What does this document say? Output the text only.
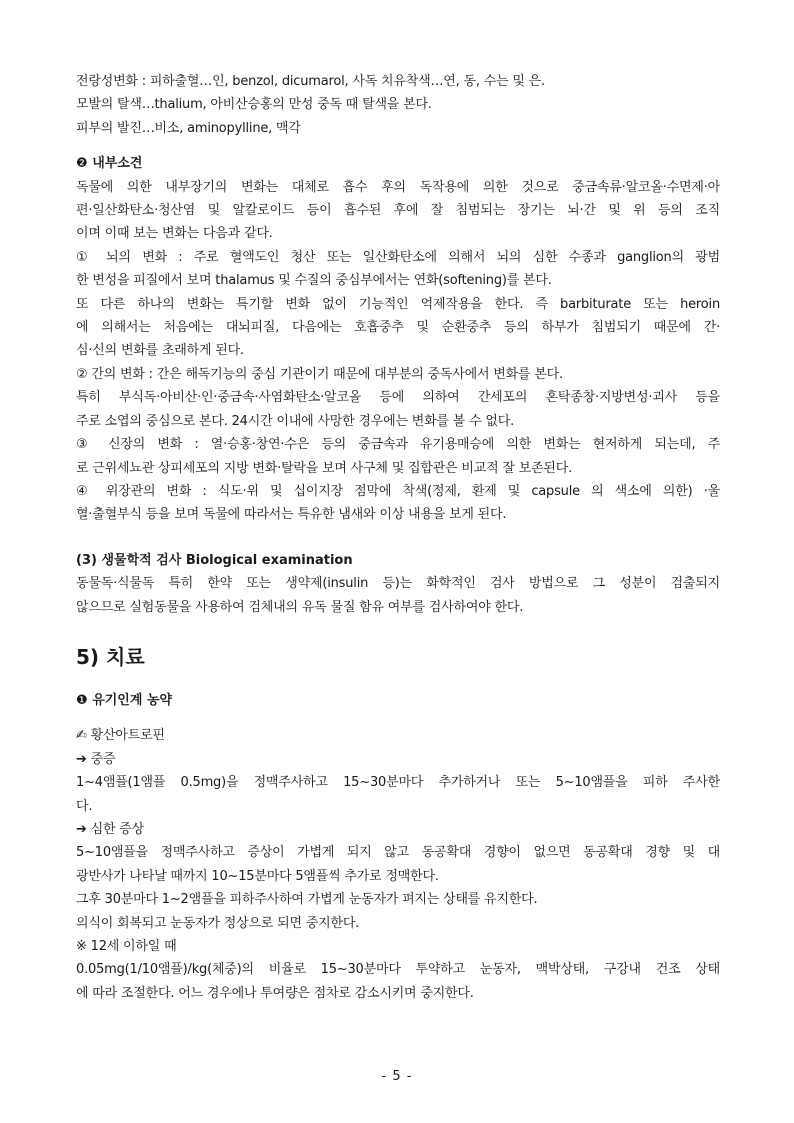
전랑성변화 : 피하출혈…인, benzol, dicumarol, 사독 치유착색…연, 동, 수는 및 은.
모발의 탈색…thalium, 아비산승홍의 만성 중독 때 탈색을 본다.
피부의 발진…비소, aminopylline, 맥각
❷ 내부소견
독물에 의한 내부장기의 변화는 대체로 흡수 후의 독작용에 의한 것으로 중금속류·알코올·수면제·아
편·일산화탄소·청산염 및 알칼로이드 등이 흡수된 후에 잘 침범되는 장기는 뇌·간 및 위 등의 조직
이며 이때 보는 변화는 다음과 같다.
① 뇌의 변화 : 주로 혈액도인 청산 또는 일산화탄소에 의해서 뇌의 심한 수종과 ganglion의 광범
한 변성을 피질에서 보며 thalamus 및 수질의 중심부에서는 연화(softening)를 본다.
또 다른 하나의 변화는 특기할 변화 없이 기능적인 억제작용을 한다. 즉 barbiturate 또는 heroin
에 의해서는 처음에는 대뇌피질, 다음에는 호흡중추 및 순환중추 등의 하부가 침범되기 때문에 간·
심·신의 변화를 초래하게 된다.
② 간의 변화 : 간은 해독기능의 중심 기관이기 때문에 대부분의 중독사에서 변화를 본다.
특히 부식독·아비산·인·중금속·사염화탄소·알코올 등에 의하여 간세포의 혼탁종창·지방변성·괴사 등을
주로 소엽의 중심으로 본다. 24시간 이내에 사망한 경우에는 변화를 볼 수 없다.
③ 신장의 변화 : 열·승홍·창연·수은 등의 중금속과 유기용매승에 의한 변화는 현저하게 되는데, 주
로 근위세뇨관 상피세포의 지방 변화·탈락을 보며 사구체 및 집합관은 비교적 잘 보존된다.
④ 위장관의 변화 : 식도·위 및 십이지장 점막에 착색(정제, 환제 및 capsule 의 색소에 의한) ·울
혈·출혈부식 등을 보며 독물에 따라서는 특유한 냄새와 이상 내용을 보게 된다.
(3) 생물학적 검사 Biological examination
동물독·식물독 특히 한약 또는 생약제(insulin 등)는 화학적인 검사 방법으로 그 성분이 검출되지
않으므로 실험동물을 사용하여 검체내의 유독 물질 함유 여부를 검사하여야 한다.
5) 치료
❶ 유기인계 농약
✍ 황산아트로핀
➔ 중증
1~4앰플(1앰플 0.5mg)을 정맥주사하고 15~30분마다 추가하거나 또는 5~10앰플을 피하 주사한
다.
➔ 심한 증상
5~10앰플을 정맥주사하고 증상이 가볍게 되지 않고 동공확대 경향이 없으면 동공확대 경향 및 대
광반사가 나타날 때까지 10~15분마다 5앰플씩 추가로 정맥한다.
그후 30분마다 1~2앰플을 피하주사하여 가볍게 눈동자가 펴지는 상태를 유지한다.
의식이 회복되고 눈동자가 정상으로 되면 중지한다.
※ 12세 이하일 때
0.05mg(1/10앰플)/kg(체중)의 비율로 15~30분마다 투약하고 눈동자, 맥박상태, 구강내 건조 상태
에 따라 조절한다. 어느 경우에나 투여량은 점차로 감소시키며 중지한다.
- 5 -
